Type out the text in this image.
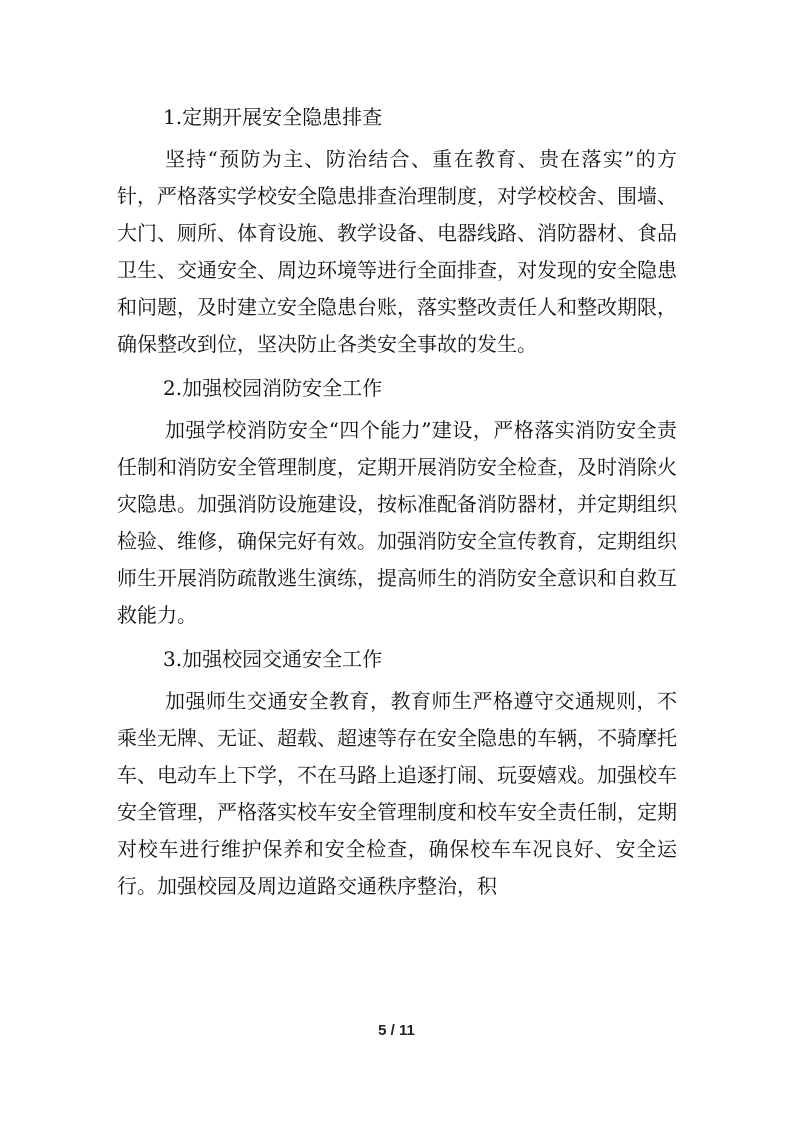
1.定期开展安全隐患排查

坚持“预防为主、防治结合、重在教育、贵在落实”的方针，严格落实学校安全隐患排查治理制度，对学校校舍、围墙、大门、厕所、体育设施、教学设备、电器线路、消防器材、食品卫生、交通安全、周边环境等进行全面排查，对发现的安全隐患和问题，及时建立安全隐患台账，落实整改责任人和整改期限，确保整改到位，坚决防止各类安全事故的发生。

2.加强校园消防安全工作

加强学校消防安全“四个能力”建设，严格落实消防安全责任制和消防安全管理制度，定期开展消防安全检查，及时消除火灾隐患。加强消防设施建设，按标准配备消防器材，并定期组织检验、维修，确保完好有效。加强消防安全宣传教育，定期组织师生开展消防疏散逃生演练，提高师生的消防安全意识和自救互救能力。

3.加强校园交通安全工作

加强师生交通安全教育，教育师生严格遵守交通规则，不乘坐无牌、无证、超载、超速等存在安全隐患的车辆，不骑摩托车、电动车上下学，不在马路上追逐打闹、玩耍嬉戏。加强校车安全管理，严格落实校车安全管理制度和校车安全责任制，定期对校车进行维护保养和安全检查，确保校车车况良好、安全运行。加强校园及周边道路交通秩序整治，积

5 / 11
